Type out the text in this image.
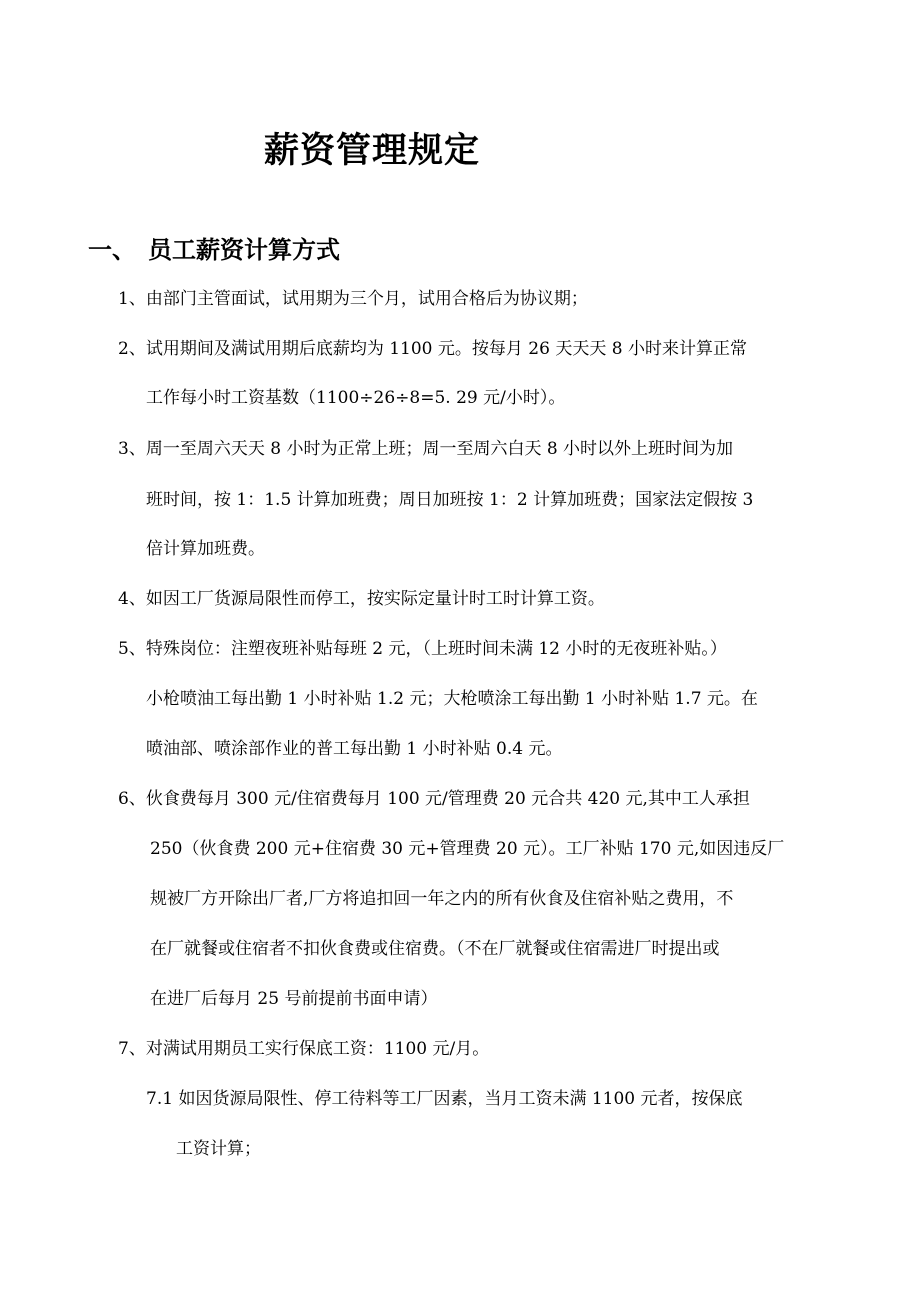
薪资管理规定
一、 员工薪资计算方式
1、由部门主管面试，试用期为三个月，试用合格后为协议期；
2、试用期间及满试用期后底薪均为 1100 元。按每月 26 天天天 8 小时来计算正常
工作每小时工资基数（1100÷26÷8=5. 29 元/小时）。
3、周一至周六天天 8 小时为正常上班；周一至周六白天 8 小时以外上班时间为加
班时间，按 1：1.5 计算加班费；周日加班按 1：2 计算加班费；国家法定假按 3
倍计算加班费。
4、如因工厂货源局限性而停工，按实际定量计时工时计算工资。
5、特殊岗位：注塑夜班补贴每班 2 元，（上班时间未满 12 小时的无夜班补贴。）
小枪喷油工每出勤 1 小时补贴 1.2 元；大枪喷涂工每出勤 1 小时补贴 1.7 元。在
喷油部、喷涂部作业的普工每出勤 1 小时补贴 0.4 元。
6、伙食费每月 300 元/住宿费每月 100 元/管理费 20 元合共 420 元,其中工人承担
250（伙食费 200 元+住宿费 30 元+管理费 20 元）。工厂补贴 170 元,如因违反厂
规被厂方开除出厂者,厂方将追扣回一年之内的所有伙食及住宿补贴之费用，不
在厂就餐或住宿者不扣伙食费或住宿费。（不在厂就餐或住宿需进厂时提出或
在进厂后每月 25 号前提前书面申请）
7、对满试用期员工实行保底工资：1100 元/月。
7.1 如因货源局限性、停工待料等工厂因素，当月工资未满 1100 元者，按保底
工资计算；
